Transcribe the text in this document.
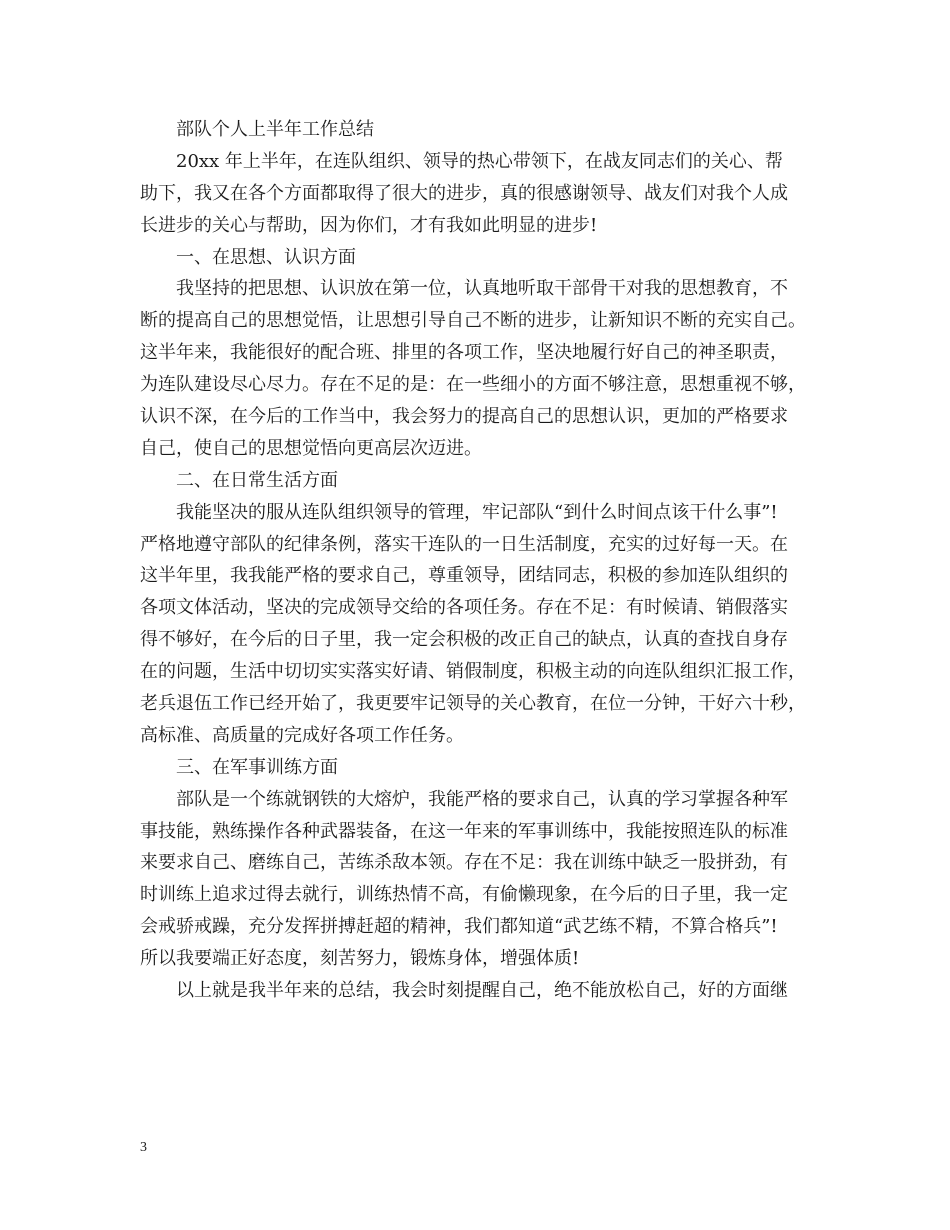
部队个人上半年工作总结
20xx 年上半年，在连队组织、领导的热心带领下，在战友同志们的关心、帮
助下，我又在各个方面都取得了很大的进步，真的很感谢领导、战友们对我个人成
长进步的关心与帮助，因为你们，才有我如此明显的进步!
一、在思想、认识方面
我坚持的把思想、认识放在第一位，认真地听取干部骨干对我的思想教育，不
断的提高自己的思想觉悟，让思想引导自己不断的进步，让新知识不断的充实自己。
这半年来，我能很好的配合班、排里的各项工作，坚决地履行好自己的神圣职责，
为连队建设尽心尽力。存在不足的是：在一些细小的方面不够注意，思想重视不够，
认识不深，在今后的工作当中，我会努力的提高自己的思想认识，更加的严格要求
自己，使自己的思想觉悟向更高层次迈进。
二、在日常生活方面
我能坚决的服从连队组织领导的管理，牢记部队“到什么时间点该干什么事”!
严格地遵守部队的纪律条例，落实干连队的一日生活制度，充实的过好每一天。在
这半年里，我我能严格的要求自己，尊重领导，团结同志，积极的参加连队组织的
各项文体活动，坚决的完成领导交给的各项任务。存在不足：有时候请、销假落实
得不够好，在今后的日子里，我一定会积极的改正自己的缺点，认真的查找自身存
在的问题，生活中切切实实落实好请、销假制度，积极主动的向连队组织汇报工作，
老兵退伍工作已经开始了，我更要牢记领导的关心教育，在位一分钟，干好六十秒，
高标准、高质量的完成好各项工作任务。
三、在军事训练方面
部队是一个练就钢铁的大熔炉，我能严格的要求自己，认真的学习掌握各种军
事技能，熟练操作各种武器装备，在这一年来的军事训练中，我能按照连队的标准
来要求自己、磨练自己，苦练杀敌本领。存在不足：我在训练中缺乏一股拼劲，有
时训练上追求过得去就行，训练热情不高，有偷懒现象，在今后的日子里，我一定
会戒骄戒躁，充分发挥拼搏赶超的精神，我们都知道“武艺练不精，不算合格兵”!
所以我要端正好态度，刻苦努力，锻炼身体，增强体质!
以上就是我半年来的总结，我会时刻提醒自己，绝不能放松自己，好的方面继
3
